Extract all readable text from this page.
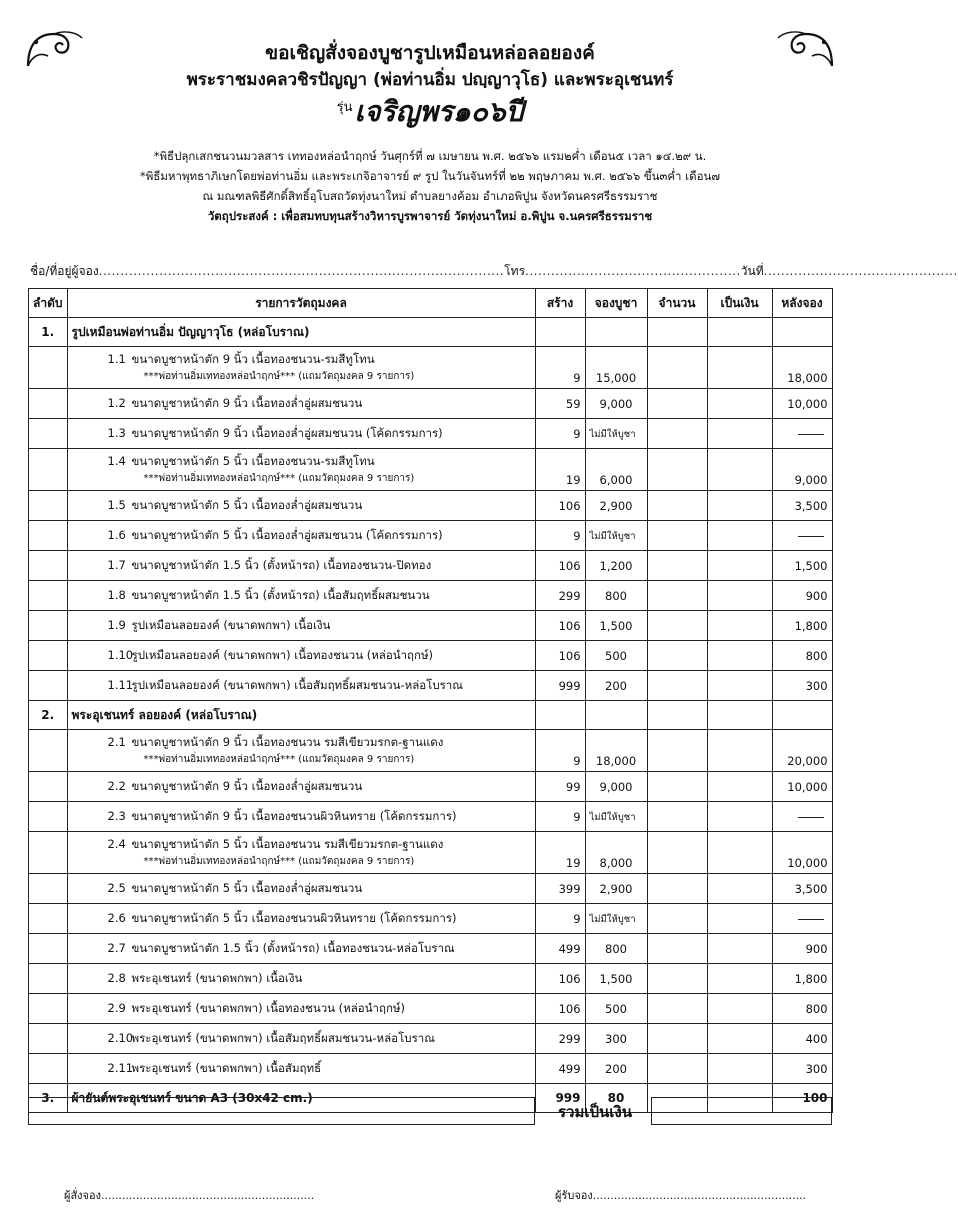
ขอเชิญสั่งจองบูชารูปเหมือนหล่อลอยองค์
พระราชมงคลวชิรปัญญา (พ่อท่านอิ่ม ปญฺญาวุโธ) และพระอุเชนทร์
$^{รุ่น}$เจริญพร๑๐๖ปี
*พิธีปลุกเสกชนวนมวลสาร เททองหล่อนำฤกษ์ วันศุกร์ที่ ๗ เมษายน พ.ศ. ๒๕๖๖ แรม๒ค่ำ เดือน๕ เวลา ๑๔.๒๙ น.
*พิธีมหาพุทธาภิเษกโดยพ่อท่านอิ่ม และพระเกจิอาจารย์ ๙ รูป ในวันจันทร์ที่ ๒๒ พฤษภาคม พ.ศ. ๒๕๖๖ ขึ้น๓ค่ำ เดือน๗
ณ มณฑลพิธีศักดิ์สิทธิ์อุโบสถวัดทุ่งนาใหม่ ตำบลยางค้อม อำเภอพิปูน จังหวัดนครศรีธรรมราช
วัตถุประสงค์ : เพื่อสมทบทุนสร้างวิหารบูรพาจารย์ วัดทุ่งนาใหม่ อ.พิปูน จ.นครศรีธรรมราช
ชื่อ/ที่อยู่ผู้จอง..............................................................................................โทร..................................................วันที่.............................................
ลำดับ	รายการวัตถุมงคล	สร้าง	จองบูชา	จำนวน	เป็นเงิน	หลังจอง
1.	รูปเหมือนพ่อท่านอิ่ม ปัญญาวุโธ (หล่อโบราณ)					

	1.1 ขนาดบูชาหน้าตัก 9 นิ้ว เนื้อทองชนวน-รมสีทูโทน
***พ่อท่านอิ่มเททองหล่อนำฤกษ์*** (แถมวัตถุมงคล 9 รายการ)	9	15,000			18,000

	1.2 ขนาดบูชาหน้าตัก 9 นิ้ว เนื้อทองล่ำอู่ผสมชนวน	59	9,000			10,000

	1.3 ขนาดบูชาหน้าตัก 9 นิ้ว เนื้อทองล่ำอู่ผสมชนวน (โค้ดกรรมการ)	9	ไม่มีให้บูชา			

	1.4 ขนาดบูชาหน้าตัก 5 นิ้ว เนื้อทองชนวน-รมสีทูโทน
***พ่อท่านอิ่มเททองหล่อนำฤกษ์*** (แถมวัตถุมงคล 9 รายการ)	19	6,000			9,000

	1.5 ขนาดบูชาหน้าตัก 5 นิ้ว เนื้อทองล่ำอู่ผสมชนวน	106	2,900			3,500

	1.6 ขนาดบูชาหน้าตัก 5 นิ้ว เนื้อทองล่ำอู่ผสมชนวน (โค้ดกรรมการ)	9	ไม่มีให้บูชา			

	1.7 ขนาดบูชาหน้าตัก 1.5 นิ้ว (ตั้งหน้ารถ) เนื้อทองชนวน-ปิดทอง	106	1,200			1,500

	1.8 ขนาดบูชาหน้าตัก 1.5 นิ้ว (ตั้งหน้ารถ) เนื้อสัมฤทธิ์ผสมชนวน	299	800			900

	1.9 รูปเหมือนลอยองค์ (ขนาดพกพา) เนื้อเงิน	106	1,500			1,800

	1.10รูปเหมือนลอยองค์ (ขนาดพกพา) เนื้อทองชนวน (หล่อนำฤกษ์)	106	500			800

	1.11รูปเหมือนลอยองค์ (ขนาดพกพา) เนื้อสัมฤทธิ์ผสมชนวน-หล่อโบราณ	999	200			300
2.	พระอุเชนทร์ ลอยองค์ (หล่อโบราณ)					

	2.1 ขนาดบูชาหน้าตัก 9 นิ้ว เนื้อทองชนวน รมสีเขียวมรกต-ฐานแดง
***พ่อท่านอิ่มเททองหล่อนำฤกษ์*** (แถมวัตถุมงคล 9 รายการ)	9	18,000			20,000

	2.2 ขนาดบูชาหน้าตัก 9 นิ้ว เนื้อทองล่ำอู่ผสมชนวน	99	9,000			10,000

	2.3 ขนาดบูชาหน้าตัก 9 นิ้ว เนื้อทองชนวนผิวหินทราย (โค้ดกรรมการ)	9	ไม่มีให้บูชา			

	2.4 ขนาดบูชาหน้าตัก 5 นิ้ว เนื้อทองชนวน รมสีเขียวมรกต-ฐานแดง
***พ่อท่านอิ่มเททองหล่อนำฤกษ์*** (แถมวัตถุมงคล 9 รายการ)	19	8,000			10,000

	2.5 ขนาดบูชาหน้าตัก 5 นิ้ว เนื้อทองล่ำอู่ผสมชนวน	399	2,900			3,500

	2.6 ขนาดบูชาหน้าตัก 5 นิ้ว เนื้อทองชนวนผิวหินทราย (โค้ดกรรมการ)	9	ไม่มีให้บูชา			

	2.7 ขนาดบูชาหน้าตัก 1.5 นิ้ว (ตั้งหน้ารถ) เนื้อทองชนวน-หล่อโบราณ	499	800			900

	2.8 พระอุเชนทร์ (ขนาดพกพา) เนื้อเงิน	106	1,500			1,800

	2.9 พระอุเชนทร์ (ขนาดพกพา) เนื้อทองชนวน (หล่อนำฤกษ์)	106	500			800

	2.10พระอุเชนทร์ (ขนาดพกพา) เนื้อสัมฤทธิ์ผสมชนวน-หล่อโบราณ	299	300			400

	2.11พระอุเชนทร์ (ขนาดพกพา) เนื้อสัมฤทธิ์	499	200			300
3.	ผ้ายันต์พระอุเชนทร์ ขนาด A3 (30x42 cm.)	999	80			100
รวมเป็นเงิน
ผู้สั่งจอง.............................................................	ผู้รับจอง.............................................................
